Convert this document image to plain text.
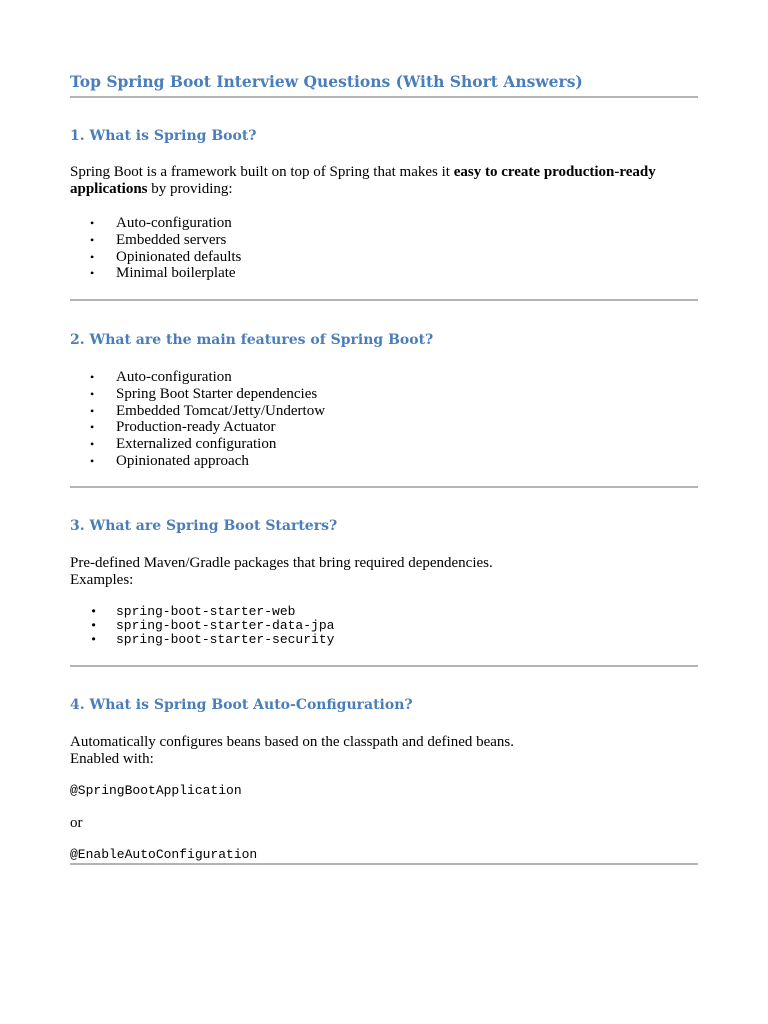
Top Spring Boot Interview Questions (With Short Answers)
1. What is Spring Boot?
Spring Boot is a framework built on top of Spring that makes it easy to create production-ready applications by providing:
• Auto-configuration
• Embedded servers
• Opinionated defaults
• Minimal boilerplate
2. What are the main features of Spring Boot?
• Auto-configuration
• Spring Boot Starter dependencies
• Embedded Tomcat/Jetty/Undertow
• Production-ready Actuator
• Externalized configuration
• Opinionated approach
3. What are Spring Boot Starters?
Pre-defined Maven/Gradle packages that bring required dependencies.
Examples:
• spring-boot-starter-web
• spring-boot-starter-data-jpa
• spring-boot-starter-security
4. What is Spring Boot Auto-Configuration?
Automatically configures beans based on the classpath and defined beans.
Enabled with:
@SpringBootApplication
or
@EnableAutoConfiguration
